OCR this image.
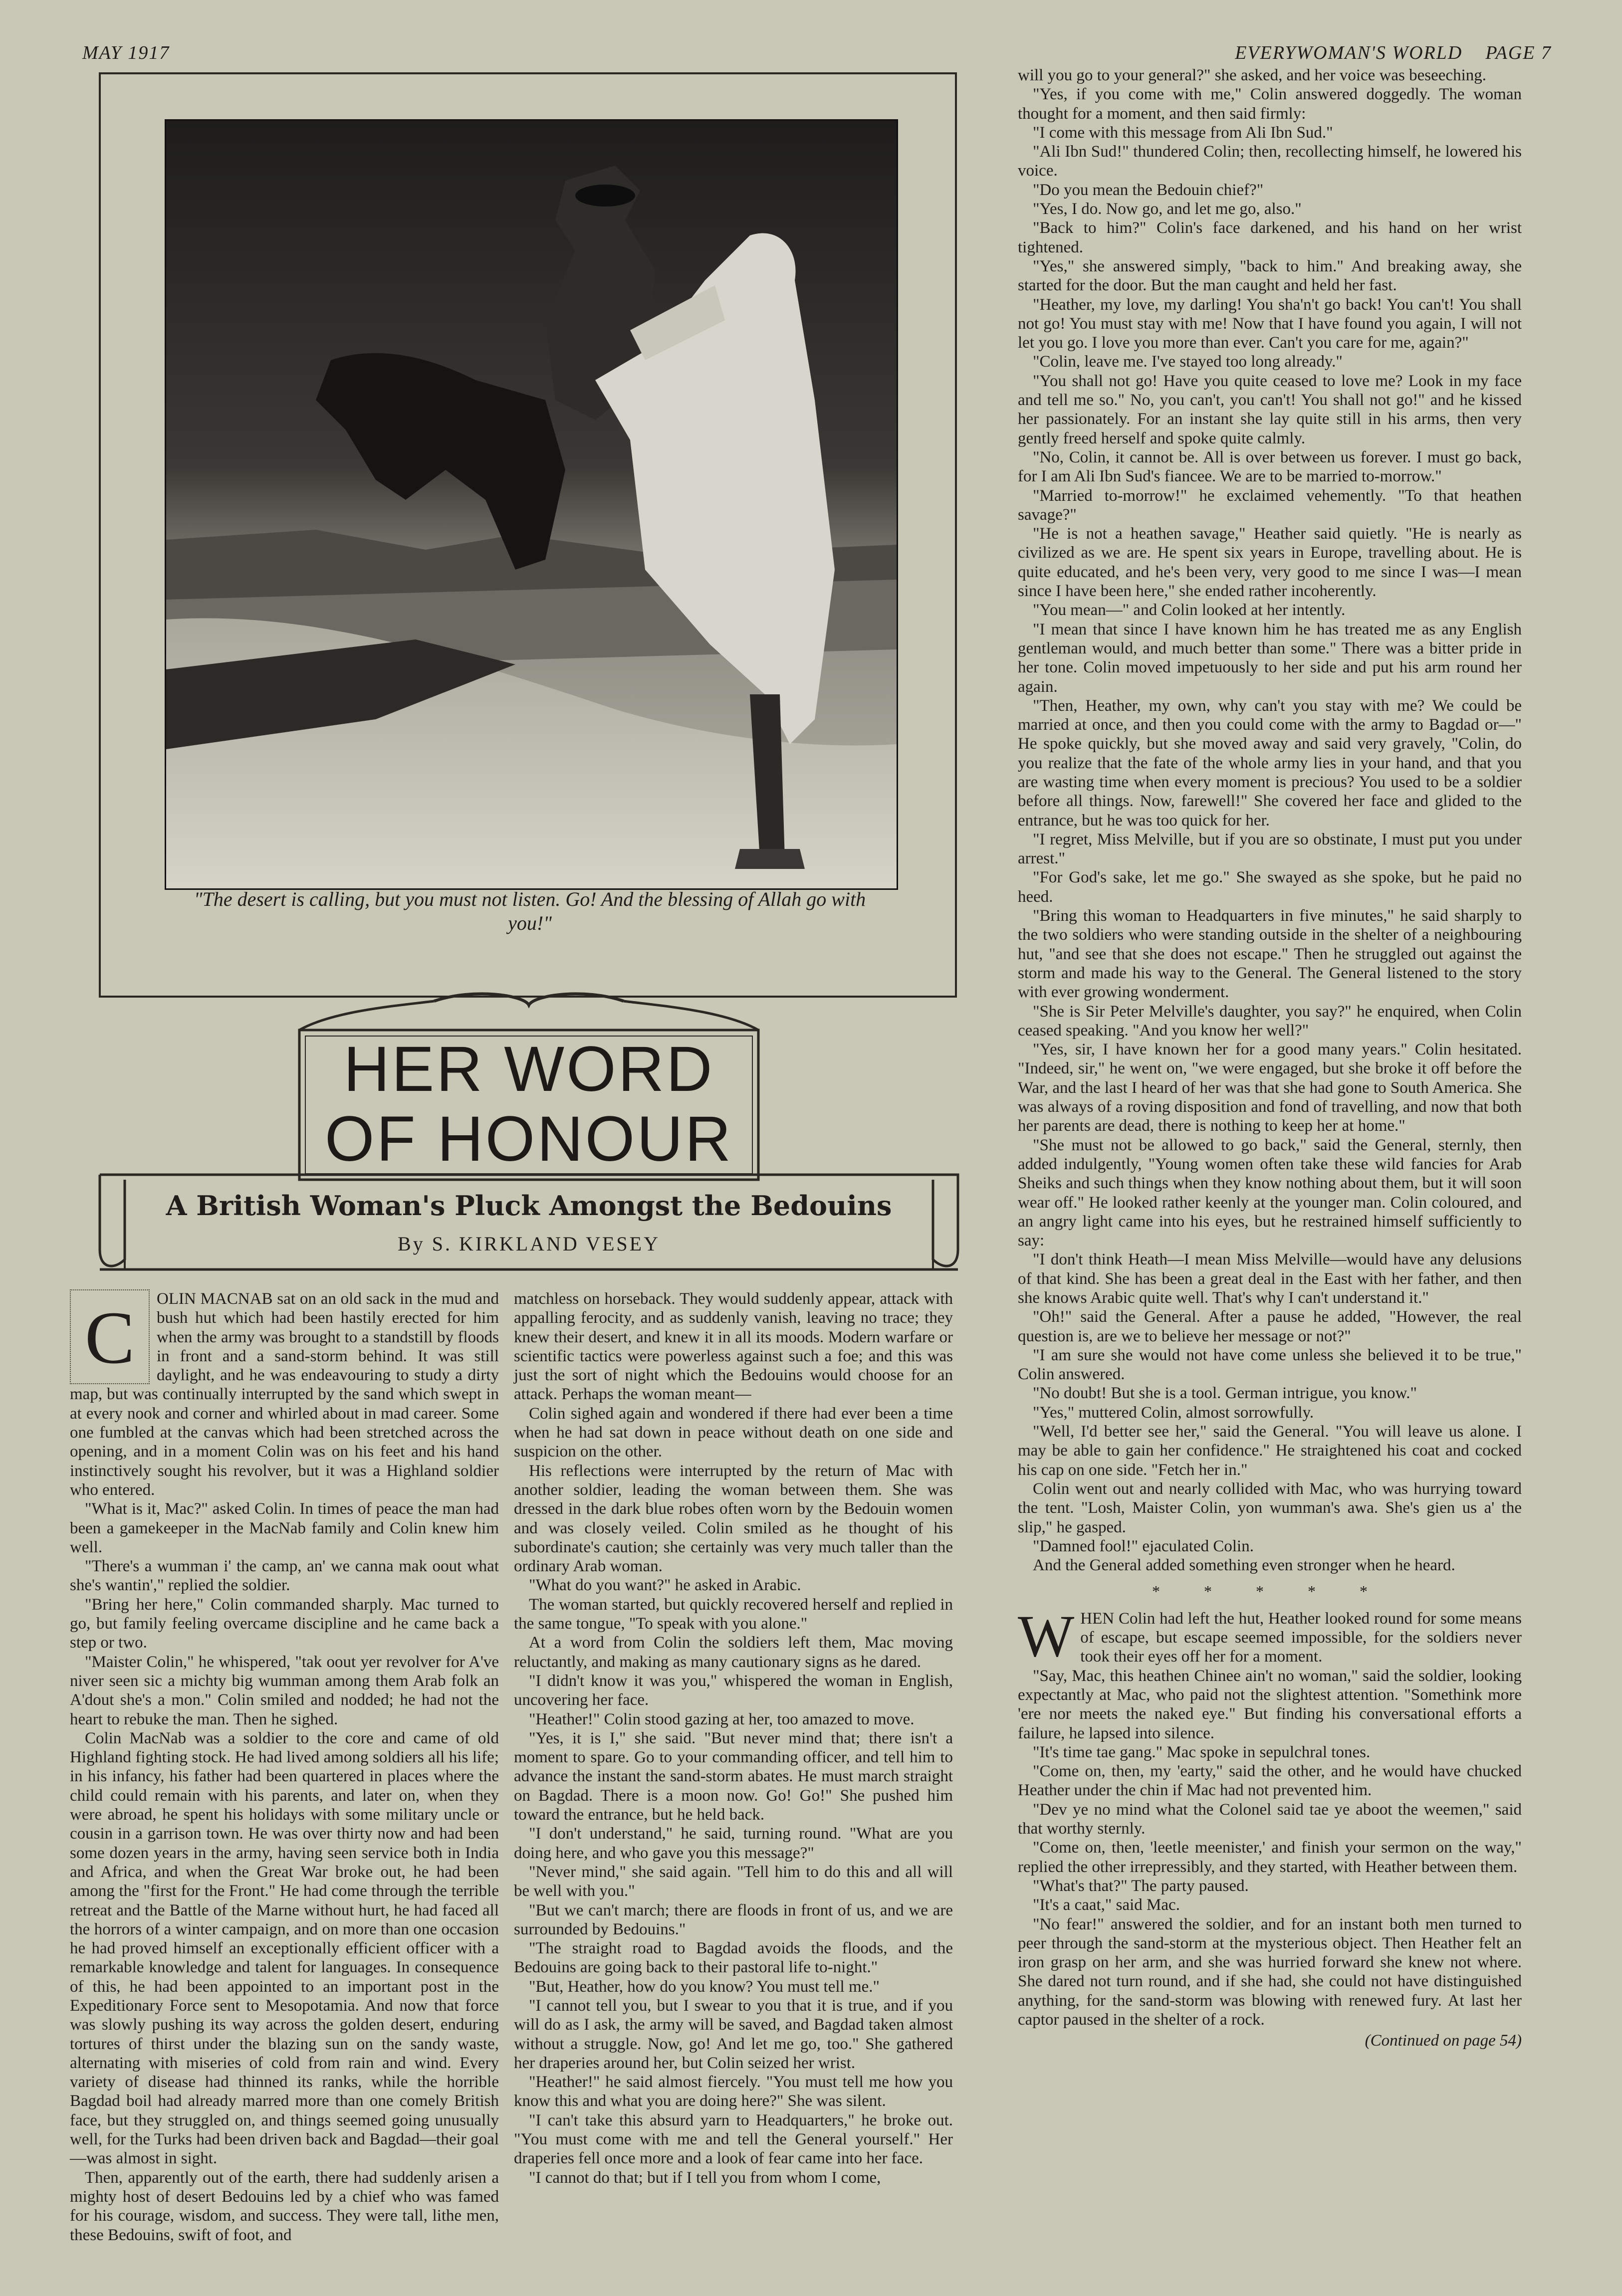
MAY 1917	EVERYWOMAN'S WORLD    PAGE 7
"The desert is calling, but you must not listen. Go! And the blessing of Allah go with you!"
HER WORD
OF HONOUR
A British Woman's Pluck Amongst the Bedouins
By S. KIRKLAND VESEY
C	OLIN MACNAB sat on an old sack in the mud and bush hut which had been hastily erected for him when the army was brought to a standstill by floods in front and a sand-storm behind. It was still daylight, and he was endeavouring to study a dirty map, but was continually interrupted by the sand which swept in at every nook and corner and whirled about in mad career. Some one fumbled at the canvas which had been stretched across the opening, and in a moment Colin was on his feet and his hand instinctively sought his revolver, but it was a Highland soldier who entered.

"What is it, Mac?" asked Colin. In times of peace the man had been a gamekeeper in the MacNab family and Colin knew him well.

"There's a wumman i' the camp, an' we canna mak oout what she's wantin'," replied the soldier.

"Bring her here," Colin commanded sharply. Mac turned to go, but family feeling overcame discipline and he came back a step or two.

"Maister Colin," he whispered, "tak oout yer revolver for A've niver seen sic a michty big wumman among them Arab folk an A'dout she's a mon." Colin smiled and nodded; he had not the heart to rebuke the man. Then he sighed.

Colin MacNab was a soldier to the core and came of old Highland fighting stock. He had lived among soldiers all his life; in his infancy, his father had been quartered in places where the child could remain with his parents, and later on, when they were abroad, he spent his holidays with some military uncle or cousin in a garrison town. He was over thirty now and had been some dozen years in the army, having seen service both in India and Africa, and when the Great War broke out, he had been among the "first for the Front." He had come through the terrible retreat and the Battle of the Marne without hurt, he had faced all the horrors of a winter campaign, and on more than one occasion he had proved himself an exceptionally efficient officer with a remarkable knowledge and talent for languages. In consequence of this, he had been appointed to an important post in the Expeditionary Force sent to Mesopotamia. And now that force was slowly pushing its way across the golden desert, enduring tortures of thirst under the blazing sun on the sandy waste, alternating with miseries of cold from rain and wind. Every variety of disease had thinned its ranks, while the horrible Bagdad boil had already marred more than one comely British face, but they struggled on, and things seemed going unusually well, for the Turks had been driven back and Bagdad—their goal—was almost in sight.

Then, apparently out of the earth, there had suddenly arisen a mighty host of desert Bedouins led by a chief who was famed for his courage, wisdom, and success. They were tall, lithe men, these Bedouins, swift of foot, and

matchless on horseback. They would suddenly appear, attack with appalling ferocity, and as suddenly vanish, leaving no trace; they knew their desert, and knew it in all its moods. Modern warfare or scientific tactics were powerless against such a foe; and this was just the sort of night which the Bedouins would choose for an attack. Perhaps the woman meant—

Colin sighed again and wondered if there had ever been a time when he had sat down in peace without death on one side and suspicion on the other.

His reflections were interrupted by the return of Mac with another soldier, leading the woman between them. She was dressed in the dark blue robes often worn by the Bedouin women and was closely veiled. Colin smiled as he thought of his subordinate's caution; she certainly was very much taller than the ordinary Arab woman.

"What do you want?" he asked in Arabic.

The woman started, but quickly recovered herself and replied in the same tongue, "To speak with you alone."

At a word from Colin the soldiers left them, Mac moving reluctantly, and making as many cautionary signs as he dared.

"I didn't know it was you," whispered the woman in English, uncovering her face.

"Heather!" Colin stood gazing at her, too amazed to move.

"Yes, it is I," she said. "But never mind that; there isn't a moment to spare. Go to your commanding officer, and tell him to advance the instant the sand-storm abates. He must march straight on Bagdad. There is a moon now. Go! Go!" She pushed him toward the entrance, but he held back.

"I don't understand," he said, turning round. "What are you doing here, and who gave you this message?"

"Never mind," she said again. "Tell him to do this and all will be well with you."

"But we can't march; there are floods in front of us, and we are surrounded by Bedouins."

"The straight road to Bagdad avoids the floods, and the Bedouins are going back to their pastoral life to-night."

"But, Heather, how do you know? You must tell me."

"I cannot tell you, but I swear to you that it is true, and if you will do as I ask, the army will be saved, and Bagdad taken almost without a struggle. Now, go! And let me go, too." She gathered her draperies around her, but Colin seized her wrist.

"Heather!" he said almost fiercely. "You must tell me how you know this and what you are doing here?" She was silent.

"I can't take this absurd yarn to Headquarters," he broke out. "You must come with me and tell the General yourself." Her draperies fell once more and a look of fear came into her face.

"I cannot do that; but if I tell you from whom I come,

will you go to your general?" she asked, and her voice was beseeching.

"Yes, if you come with me," Colin answered doggedly. The woman thought for a moment, and then said firmly:

"I come with this message from Ali Ibn Sud."

"Ali Ibn Sud!" thundered Colin; then, recollecting himself, he lowered his voice.

"Do you mean the Bedouin chief?"

"Yes, I do. Now go, and let me go, also."

"Back to him?" Colin's face darkened, and his hand on her wrist tightened.

"Yes," she answered simply, "back to him." And breaking away, she started for the door. But the man caught and held her fast.

"Heather, my love, my darling! You sha'n't go back! You can't! You shall not go! You must stay with me! Now that I have found you again, I will not let you go. I love you more than ever. Can't you care for me, again?"

"Colin, leave me. I've stayed too long already."

"You shall not go! Have you quite ceased to love me? Look in my face and tell me so." No, you can't, you can't! You shall not go!" and he kissed her passionately. For an instant she lay quite still in his arms, then very gently freed herself and spoke quite calmly.

"No, Colin, it cannot be. All is over between us forever. I must go back, for I am Ali Ibn Sud's fiancee. We are to be married to-morrow."

"Married to-morrow!" he exclaimed vehemently. "To that heathen savage?"

"He is not a heathen savage," Heather said quietly. "He is nearly as civilized as we are. He spent six years in Europe, travelling about. He is quite educated, and he's been very, very good to me since I was—I mean since I have been here," she ended rather incoherently.

"You mean—" and Colin looked at her intently.

"I mean that since I have known him he has treated me as any English gentleman would, and much better than some." There was a bitter pride in her tone. Colin moved impetuously to her side and put his arm round her again.

"Then, Heather, my own, why can't you stay with me? We could be married at once, and then you could come with the army to Bagdad or—" He spoke quickly, but she moved away and said very gravely, "Colin, do you realize that the fate of the whole army lies in your hand, and that you are wasting time when every moment is precious? You used to be a soldier before all things. Now, farewell!" She covered her face and glided to the entrance, but he was too quick for her.

"I regret, Miss Melville, but if you are so obstinate, I must put you under arrest."

"For God's sake, let me go." She swayed as she spoke, but he paid no heed.

"Bring this woman to Headquarters in five minutes," he said sharply to the two soldiers who were standing outside in the shelter of a neighbouring hut, "and see that she does not escape." Then he struggled out against the storm and made his way to the General. The General listened to the story with ever growing wonderment.

"She is Sir Peter Melville's daughter, you say?" he enquired, when Colin ceased speaking. "And you know her well?"

"Yes, sir, I have known her for a good many years." Colin hesitated. "Indeed, sir," he went on, "we were engaged, but she broke it off before the War, and the last I heard of her was that she had gone to South America. She was always of a roving disposition and fond of travelling, and now that both her parents are dead, there is nothing to keep her at home."

"She must not be allowed to go back," said the General, sternly, then added indulgently, "Young women often take these wild fancies for Arab Sheiks and such things when they know nothing about them, but it will soon wear off." He looked rather keenly at the younger man. Colin coloured, and an angry light came into his eyes, but he restrained himself sufficiently to say:

"I don't think Heath—I mean Miss Melville—would have any delusions of that kind. She has been a great deal in the East with her father, and then she knows Arabic quite well. That's why I can't understand it."

"Oh!" said the General. After a pause he added, "However, the real question is, are we to believe her message or not?"

"I am sure she would not have come unless she believed it to be true," Colin answered.

"No doubt! But she is a tool. German intrigue, you know."

"Yes," muttered Colin, almost sorrowfully.

"Well, I'd better see her," said the General. "You will leave us alone. I may be able to gain her confidence." He straightened his coat and cocked his cap on one side. "Fetch her in."

Colin went out and nearly collided with Mac, who was hurrying toward the tent. "Losh, Maister Colin, yon wumman's awa. She's gien us a' the slip," he gasped.

"Damned fool!" ejaculated Colin.

And the General added something even stronger when he heard.

* * * * *
W HEN Colin had left the hut, Heather looked round for some means of escape, but escape seemed impossible, for the soldiers never took their eyes off her for a moment.

"Say, Mac, this heathen Chinee ain't no woman," said the soldier, looking expectantly at Mac, who paid not the slightest attention. "Somethink more 'ere nor meets the naked eye." But finding his conversational efforts a failure, he lapsed into silence.

"It's time tae gang." Mac spoke in sepulchral tones.

"Come on, then, my 'earty," said the other, and he would have chucked Heather under the chin if Mac had not prevented him.

"Dev ye no mind what the Colonel said tae ye aboot the weemen," said that worthy sternly.

"Come on, then, 'leetle meenister,' and finish your sermon on the way," replied the other irrepressibly, and they started, with Heather between them.

"What's that?" The party paused.

"It's a caat," said Mac.

"No fear!" answered the soldier, and for an instant both men turned to peer through the sand-storm at the mysterious object. Then Heather felt an iron grasp on her arm, and she was hurried forward she knew not where. She dared not turn round, and if she had, she could not have distinguished anything, for the sand-storm was blowing with renewed fury. At last her captor paused in the shelter of a rock.

(Continued on page 54)
